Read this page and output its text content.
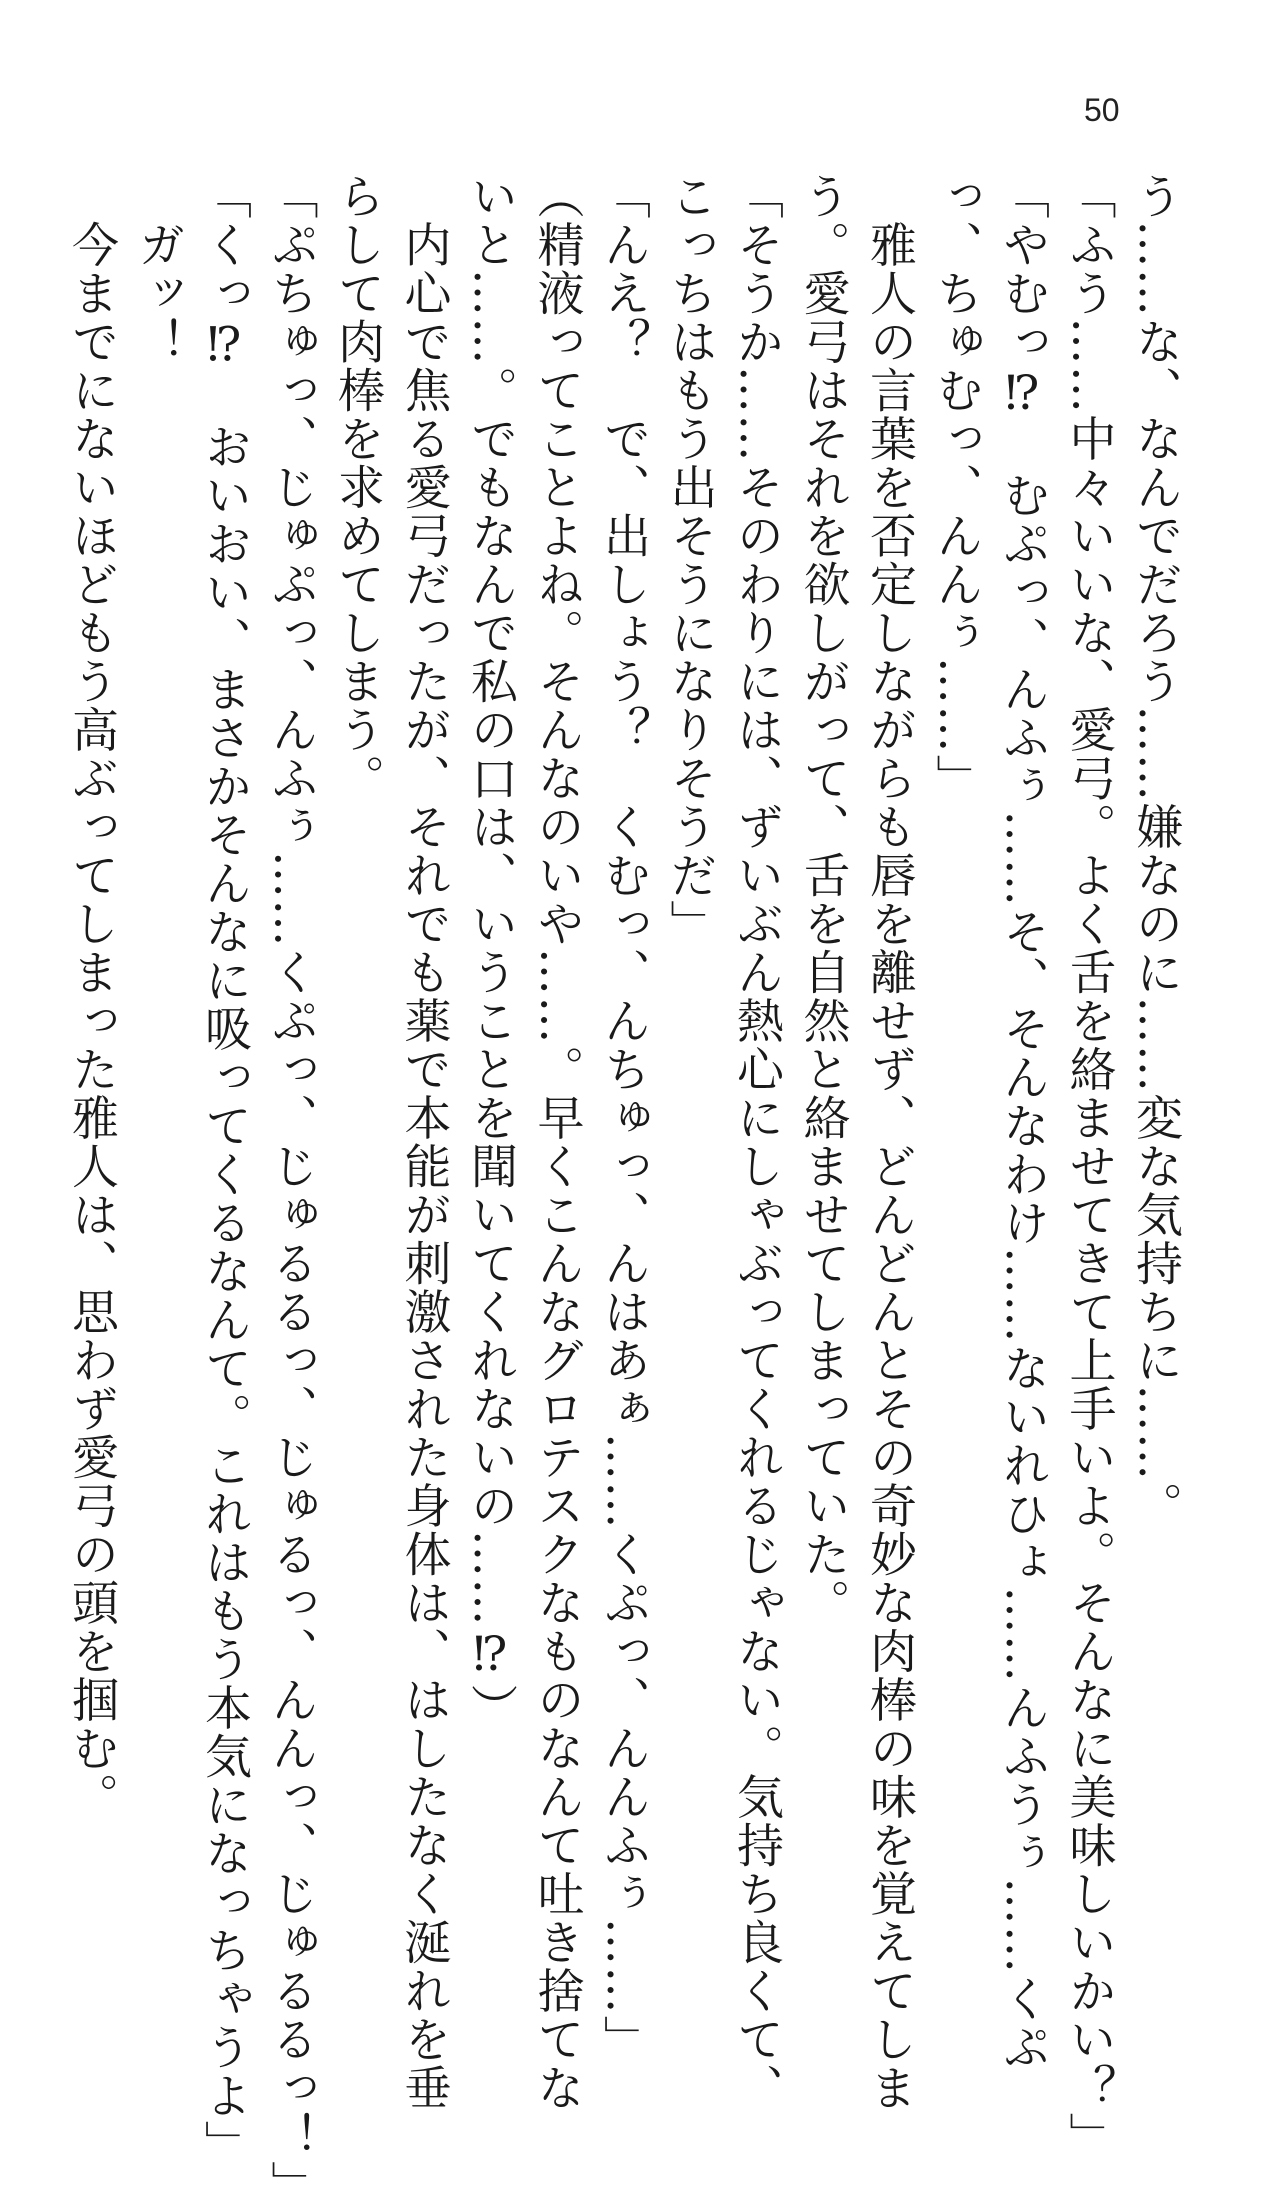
50
う……な、なんでだろう……嫌なのに……変な気持ちに……。
「ふう……中々いいな、愛弓。よく舌を絡ませてきて上手いよ。そんなに美味しいかい？」
「やむっ⁉　むぷっ、んふぅ……そ、そんなわけ……ないれひょ……んふうぅ……くぷ
っ、ちゅむっ、んんぅ……」
　雅人の言葉を否定しながらも唇を離せず、どんどんとその奇妙な肉棒の味を覚えてしま
う。愛弓はそれを欲しがって、舌を自然と絡ませてしまっていた。
「そうか……そのわりには、ずいぶん熱心にしゃぶってくれるじゃない。気持ち良くて、
こっちはもう出そうになりそうだ」
「んえ？　で、出しょう？　くむっ、んちゅっ、んはあぁ……くぷっ、んんふぅ……」
（精液ってことよね。そんなのいや……。早くこんなグロテスクなものなんて吐き捨てな
いと……。でもなんで私の口は、いうことを聞いてくれないの……⁉）
　内心で焦る愛弓だったが、それでも薬で本能が刺激された身体は、はしたなく涎れを垂
らして肉棒を求めてしまう。
「ぷちゅっ、じゅぷっ、んふぅ……くぷっ、じゅるるっ、じゅるっ、んんっ、じゅるるっ！」
「くっ⁉　おいおい、まさかそんなに吸ってくるなんて。これはもう本気になっちゃうよ」
　ガッ！
　今までにないほどもう高ぶってしまった雅人は、思わず愛弓の頭を掴む。
